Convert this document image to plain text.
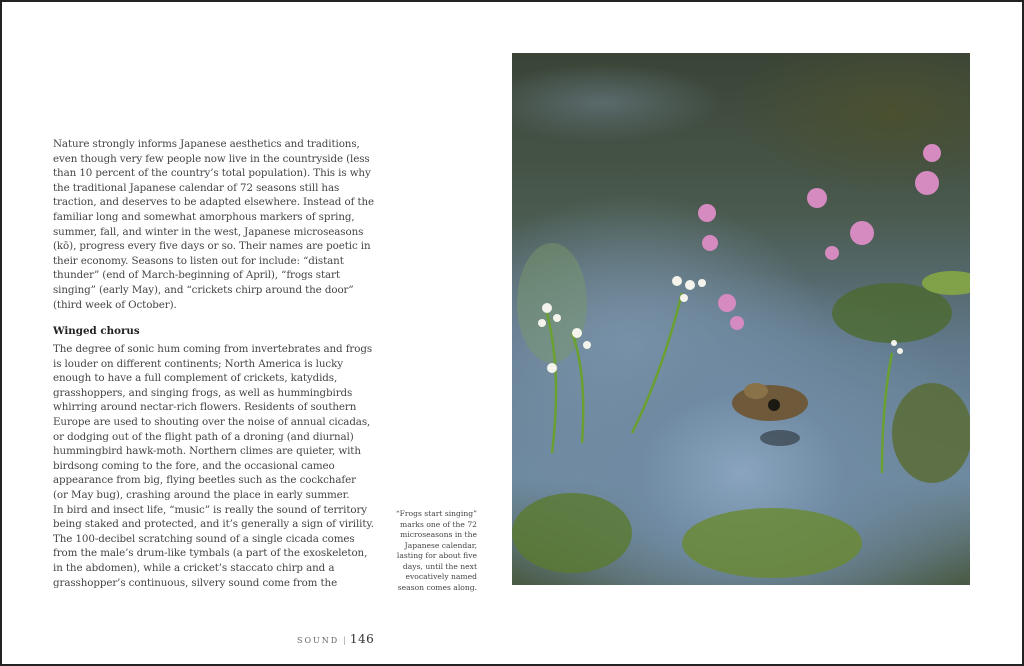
Nature strongly informs Japanese aesthetics and traditions,
even though very few people now live in the countryside (less
than 10 percent of the country’s total population). This is why
the traditional Japanese calendar of 72 seasons still has
traction, and deserves to be adapted elsewhere. Instead of the
familiar long and somewhat amorphous markers of spring,
summer, fall, and winter in the west, Japanese microseasons
(kō), progress every five days or so. Their names are poetic in
their economy. Seasons to listen out for include: “distant
thunder” (end of March-beginning of April), “frogs start
singing” (early May), and “crickets chirp around the door”
(third week of October).
Winged chorus
The degree of sonic hum coming from invertebrates and frogs
is louder on different continents; North America is lucky
enough to have a full complement of crickets, katydids,
grasshoppers, and singing frogs, as well as hummingbirds
whirring around nectar-rich flowers. Residents of southern
Europe are used to shouting over the noise of annual cicadas,
or dodging out of the flight path of a droning (and diurnal)
hummingbird hawk-moth. Northern climes are quieter, with
birdsong coming to the fore, and the occasional cameo
appearance from big, flying beetles such as the cockchafer
(or May bug), crashing around the place in early summer.
In bird and insect life, “music” is really the sound of territory
being staked and protected, and it’s generally a sign of virility.
The 100-decibel scratching sound of a single cicada comes
from the male’s drum-like tymbals (a part of the exoskeleton,
in the abdomen), while a cricket’s staccato chirp and a
grasshopper’s continuous, silvery sound come from the
“Frogs start singing”
marks one of the 72
microseasons in the
Japanese calendar,
lasting for about five
days, until the next
evocatively named
season comes along.
SOUND | 146
